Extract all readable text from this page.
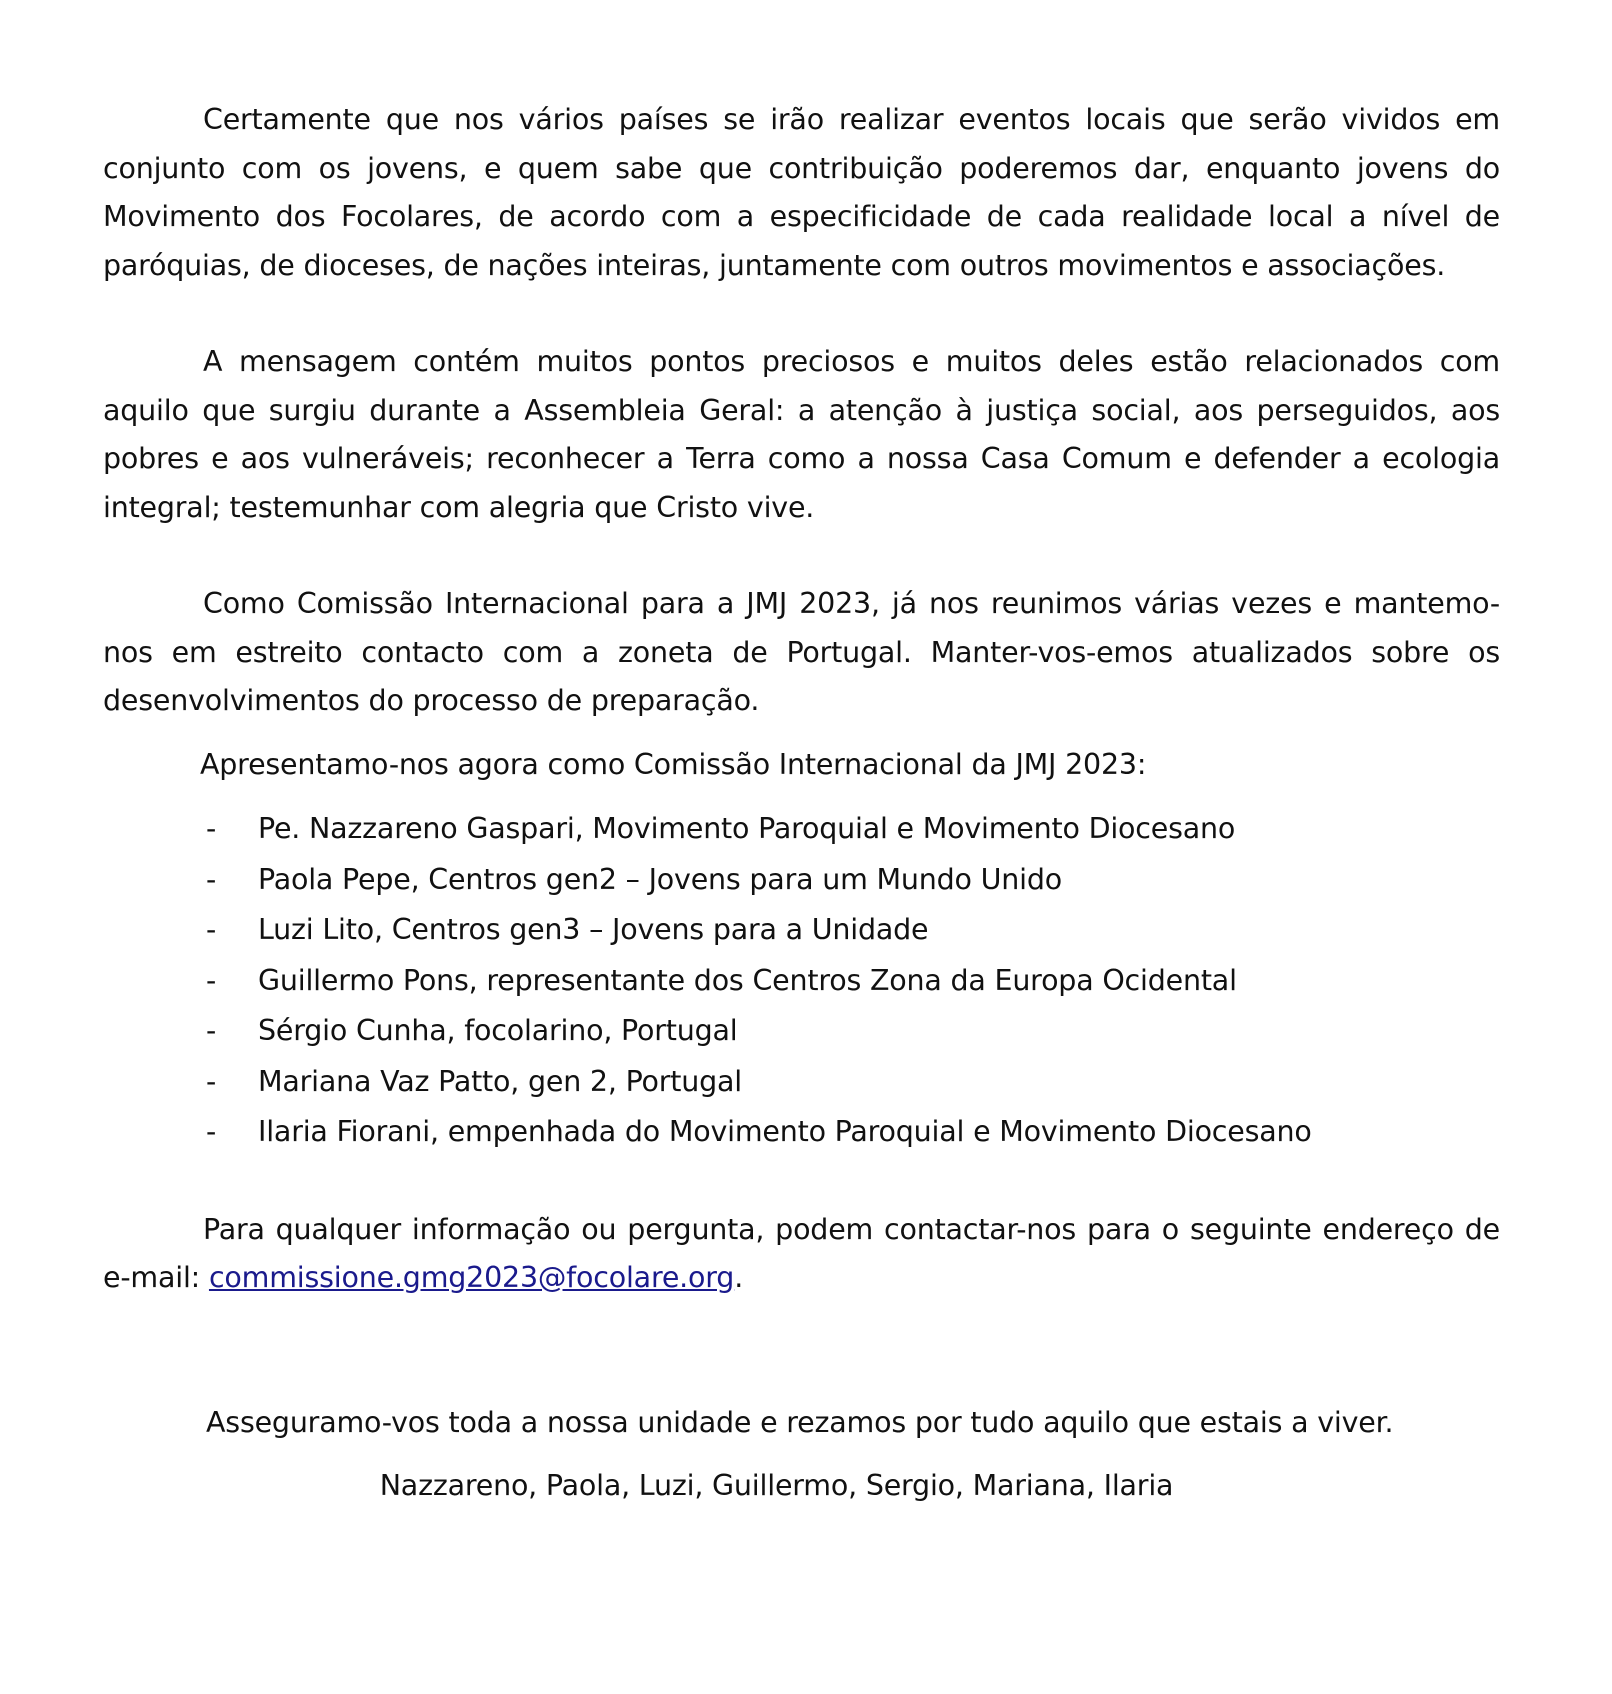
Certamente que nos vários países se irão realizar eventos locais que serão vividos em conjunto com os jovens, e quem sabe que contribuição poderemos dar, enquanto jovens do Movimento dos Focolares, de acordo com a especificidade de cada realidade local a nível de paróquias, de dioceses, de nações inteiras, juntamente com outros movimentos e associações.

A mensagem contém muitos pontos preciosos e muitos deles estão relacionados com aquilo que surgiu durante a Assembleia Geral: a atenção à justiça social, aos perseguidos, aos pobres e aos vulneráveis; reconhecer a Terra como a nossa Casa Comum e defender a ecologia integral; testemunhar com alegria que Cristo vive.

Como Comissão Internacional para a JMJ 2023, já nos reunimos várias vezes e mantemo-nos em estreito contacto com a zoneta de Portugal. Manter-vos-emos atualizados sobre os desenvolvimentos do processo de preparação.

Apresentamo-nos agora como Comissão Internacional da JMJ 2023:

- Pe. Nazzareno Gaspari, Movimento Paroquial e Movimento Diocesano
- Paola Pepe, Centros gen2 – Jovens para um Mundo Unido
- Luzi Lito, Centros gen3 – Jovens para a Unidade
- Guillermo Pons, representante dos Centros Zona da Europa Ocidental
- Sérgio Cunha, focolarino, Portugal
- Mariana Vaz Patto, gen 2, Portugal
- Ilaria Fiorani, empenhada do Movimento Paroquial e Movimento Diocesano

Para qualquer informação ou pergunta, podem contactar-nos para o seguinte endereço de e-mail: commissione.gmg2023@focolare.org.

Asseguramo-vos toda a nossa unidade e rezamos por tudo aquilo que estais a viver.

Nazzareno, Paola, Luzi, Guillermo, Sergio, Mariana, Ilaria
